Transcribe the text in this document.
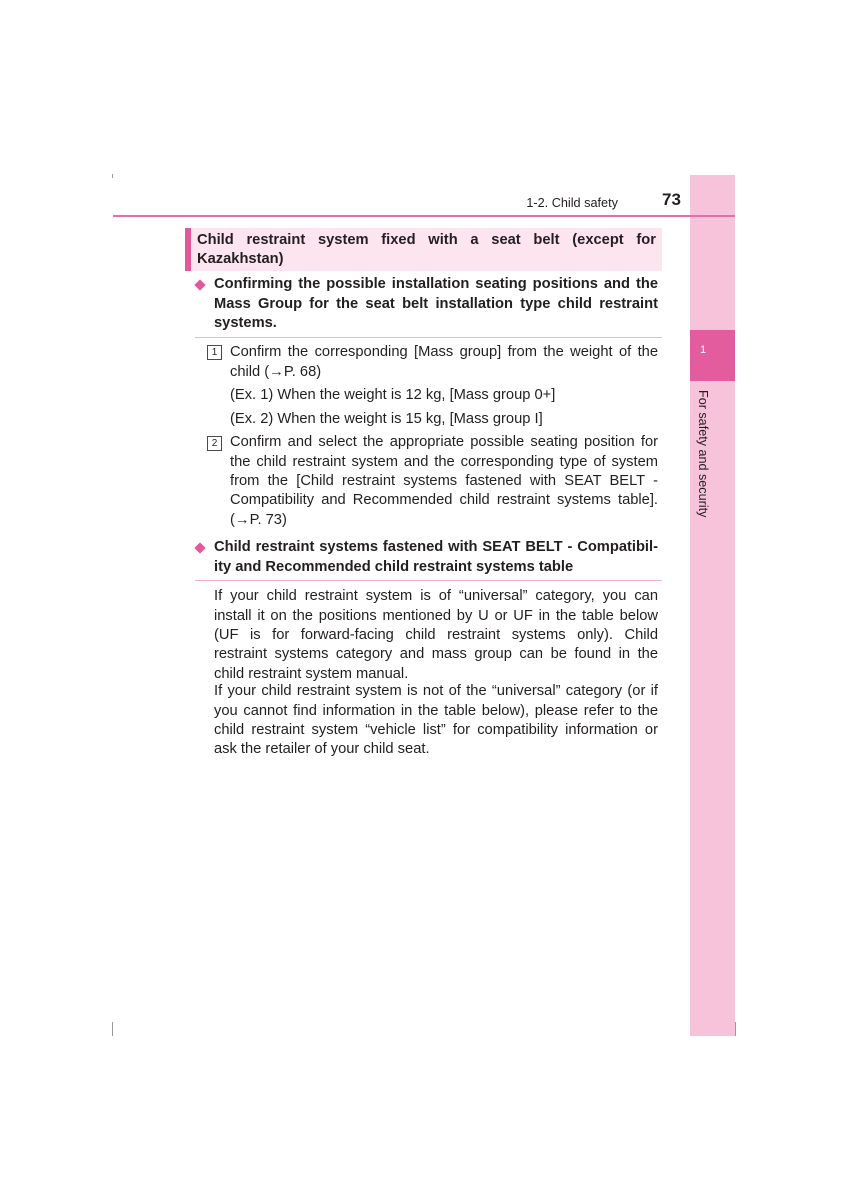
1
For safety and security
1-2. Child safety	73
Child restraint system fixed with a seat belt (except for
Kazakhstan)
Confirming the possible installation seating positions and the
Mass Group for the seat belt installation type child restraint
systems.
1 Confirm the corresponding [Mass group] from the weight of the
child (→P. 68)
(Ex. 1) When the weight is 12 kg, [Mass group 0+]
(Ex. 2) When the weight is 15 kg, [Mass group I]
2 Confirm and select the appropriate possible seating position for
the child restraint system and the corresponding type of system
from the [Child restraint systems fastened with SEAT BELT -
Compatibility and Recommended child restraint systems table].
(→P. 73)
Child restraint systems fastened with SEAT BELT - Compatibil-
ity and Recommended child restraint systems table
If your child restraint system is of “universal” category, you can
install it on the positions mentioned by U or UF in the table below
(UF is for forward-facing child restraint systems only). Child
restraint systems category and mass group can be found in the
child restraint system manual.
If your child restraint system is not of the “universal” category (or if
you cannot find information in the table below), please refer to the
child restraint system “vehicle list” for compatibility information or
ask the retailer of your child seat.
